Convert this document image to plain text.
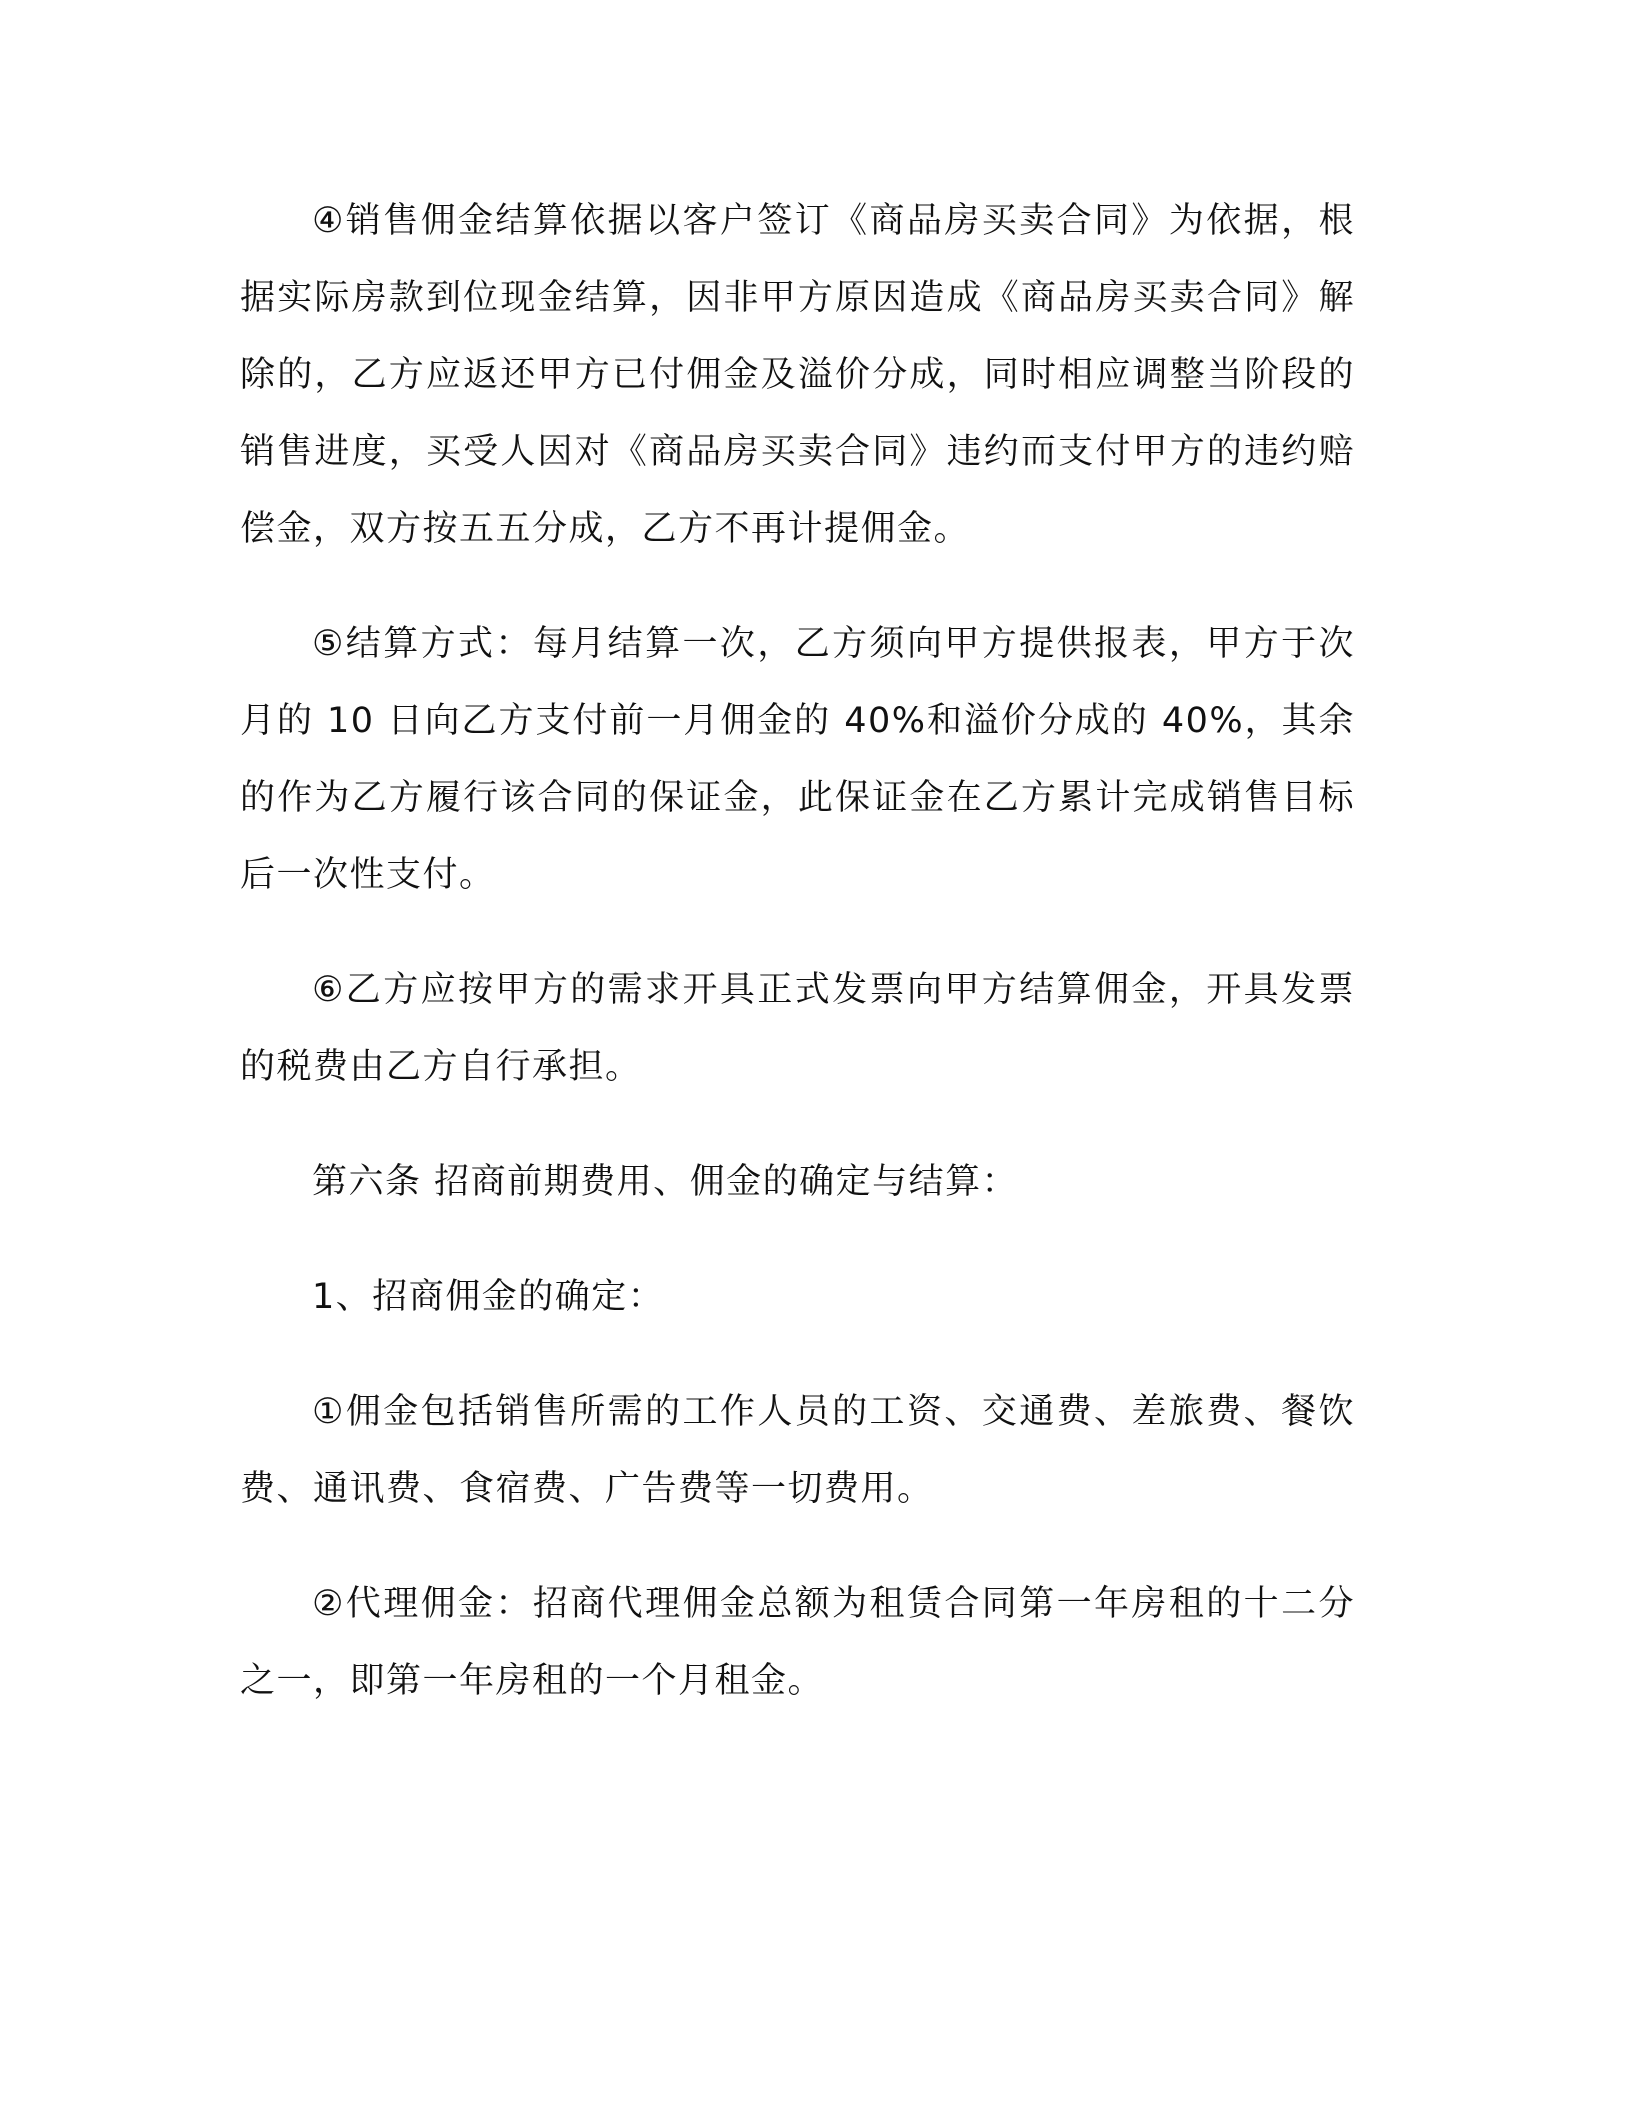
④销售佣金结算依据以客户签订《商品房买卖合同》为依据，根据实际房款到位现金结算，因非甲方原因造成《商品房买卖合同》解除的，乙方应返还甲方已付佣金及溢价分成，同时相应调整当阶段的销售进度，买受人因对《商品房买卖合同》违约而支付甲方的违约赔偿金，双方按五五分成，乙方不再计提佣金。

⑤结算方式：每月结算一次，乙方须向甲方提供报表，甲方于次月的 10 日向乙方支付前一月佣金的 40%和溢价分成的 40%，其余的作为乙方履行该合同的保证金，此保证金在乙方累计完成销售目标后一次性支付。

⑥乙方应按甲方的需求开具正式发票向甲方结算佣金，开具发票的税费由乙方自行承担。

第六条 招商前期费用、佣金的确定与结算：

1、招商佣金的确定：

①佣金包括销售所需的工作人员的工资、交通费、差旅费、餐饮费、通讯费、食宿费、广告费等一切费用。

②代理佣金：招商代理佣金总额为租赁合同第一年房租的十二分之一，即第一年房租的一个月租金。
